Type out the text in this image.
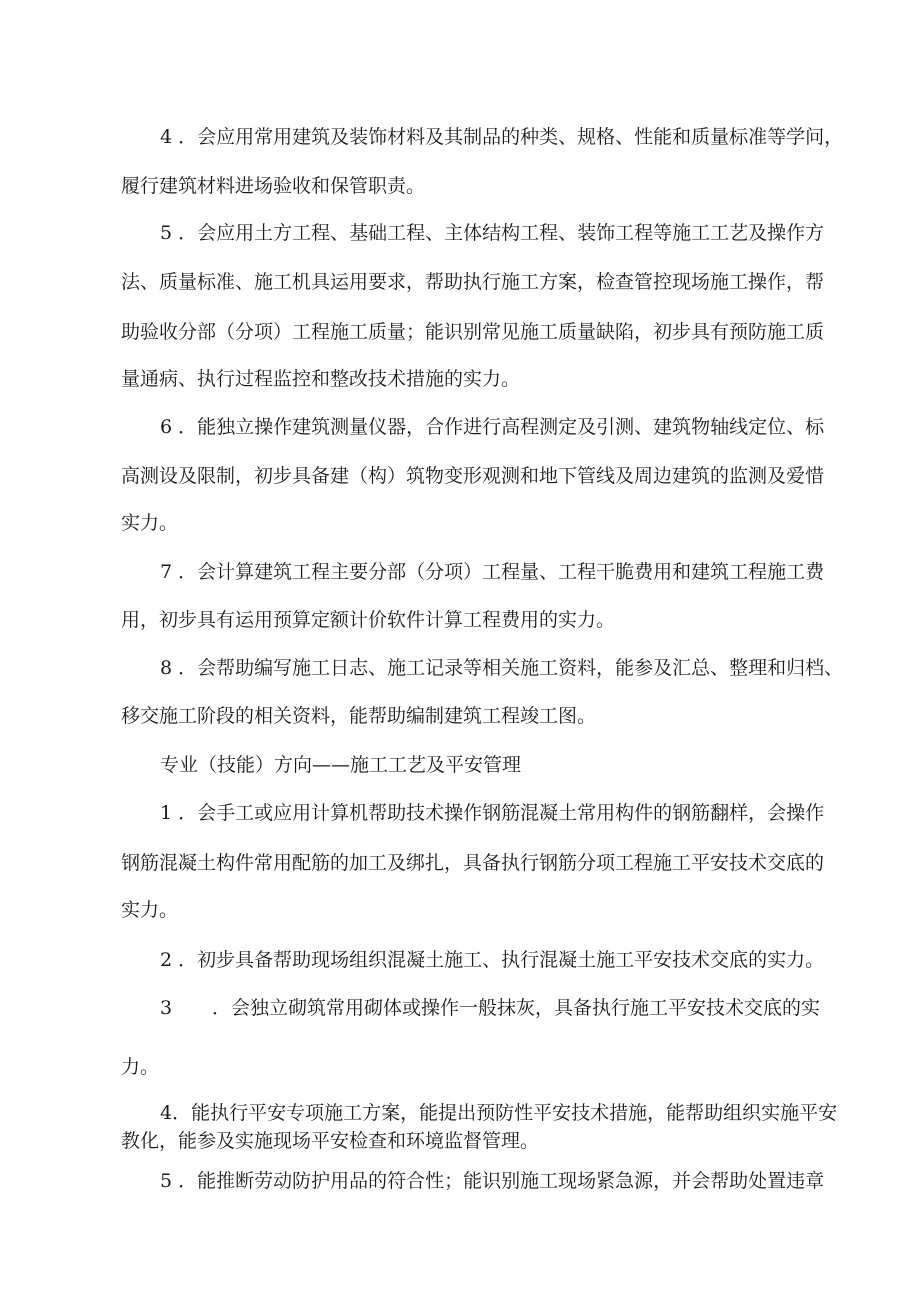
4 ．会应用常用建筑及装饰材料及其制品的种类、规格、性能和质量标准等学问，

履行建筑材料进场验收和保管职责。

5 ．会应用土方工程、基础工程、主体结构工程、装饰工程等施工工艺及操作方

法、质量标准、施工机具运用要求，帮助执行施工方案，检查管控现场施工操作，帮

助验收分部（分项）工程施工质量；能识别常见施工质量缺陷，初步具有预防施工质

量通病、执行过程监控和整改技术措施的实力。

6 ．能独立操作建筑测量仪器，合作进行高程测定及引测、建筑物轴线定位、标

高测设及限制，初步具备建（构）筑物变形观测和地下管线及周边建筑的监测及爱惜

实力。

7 ．会计算建筑工程主要分部（分项）工程量、工程干脆费用和建筑工程施工费

用，初步具有运用预算定额计价软件计算工程费用的实力。

8 ．会帮助编写施工日志、施工记录等相关施工资料，能参及汇总、整理和归档、

移交施工阶段的相关资料，能帮助编制建筑工程竣工图。

专业（技能）方向——施工工艺及平安管理

1 ．会手工或应用计算机帮助技术操作钢筋混凝土常用构件的钢筋翻样，会操作

钢筋混凝土构件常用配筋的加工及绑扎，具备执行钢筋分项工程施工平安技术交底的

实力。

2 ．初步具备帮助现场组织混凝土施工、执行混凝土施工平安技术交底的实力。

3 ．会独立砌筑常用砌体或操作一般抹灰，具备执行施工平安技术交底的实

力。

4．能执行平安专项施工方案，能提出预防性平安技术措施，能帮助组织实施平安

教化，能参及实施现场平安检查和环境监督管理。

5 ．能推断劳动防护用品的符合性；能识别施工现场紧急源，并会帮助处置违章
